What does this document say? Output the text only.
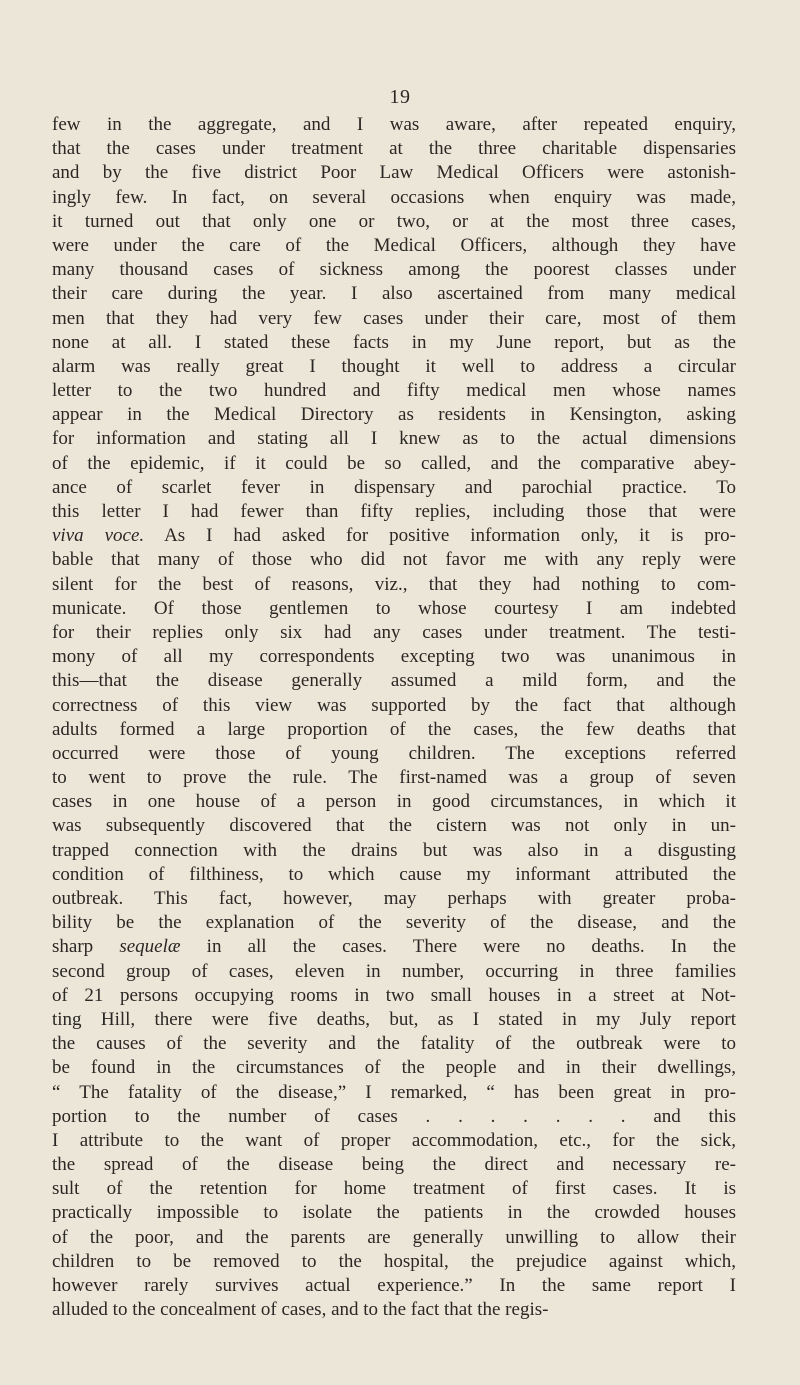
19
few in the aggregate, and I was aware, after repeated enquiry,
that the cases under treatment at the three charitable dispensaries
and by the five district Poor Law Medical Officers were astonish-
ingly few. In fact, on several occasions when enquiry was made,
it turned out that only one or two, or at the most three cases,
were under the care of the Medical Officers, although they have
many thousand cases of sickness among the poorest classes under
their care during the year. I also ascertained from many medical
men that they had very few cases under their care, most of them
none at all. I stated these facts in my June report, but as the
alarm was really great I thought it well to address a circular
letter to the two hundred and fifty medical men whose names
appear in the Medical Directory as residents in Kensington, asking
for information and stating all I knew as to the actual dimensions
of the epidemic, if it could be so called, and the comparative abey-
ance of scarlet fever in dispensary and parochial practice. To
this letter I had fewer than fifty replies, including those that were
viva voce. As I had asked for positive information only, it is pro-
bable that many of those who did not favor me with any reply were
silent for the best of reasons, viz., that they had nothing to com-
municate. Of those gentlemen to whose courtesy I am indebted
for their replies only six had any cases under treatment. The testi-
mony of all my correspondents excepting two was unanimous in
this—that the disease generally assumed a mild form, and the
correctness of this view was supported by the fact that although
adults formed a large proportion of the cases, the few deaths that
occurred were those of young children. The exceptions referred
to went to prove the rule. The first-named was a group of seven
cases in one house of a person in good circumstances, in which it
was subsequently discovered that the cistern was not only in un-
trapped connection with the drains but was also in a disgusting
condition of filthiness, to which cause my informant attributed the
outbreak. This fact, however, may perhaps with greater proba-
bility be the explanation of the severity of the disease, and the
sharp sequelæ in all the cases. There were no deaths. In the
second group of cases, eleven in number, occurring in three families
of 21 persons occupying rooms in two small houses in a street at Not-
ting Hill, there were five deaths, but, as I stated in my July report
the causes of the severity and the fatality of the outbreak were to
be found in the circumstances of the people and in their dwellings,
“ The fatality of the disease,” I remarked, “ has been great in pro-
portion to the number of cases . . . . . . . and this
I attribute to the want of proper accommodation, etc., for the sick,
the spread of the disease being the direct and necessary re-
sult of the retention for home treatment of first cases. It is
practically impossible to isolate the patients in the crowded houses
of the poor, and the parents are generally unwilling to allow their
children to be removed to the hospital, the prejudice against which,
however rarely survives actual experience.” In the same report I
alluded to the concealment of cases, and to the fact that the regis-
